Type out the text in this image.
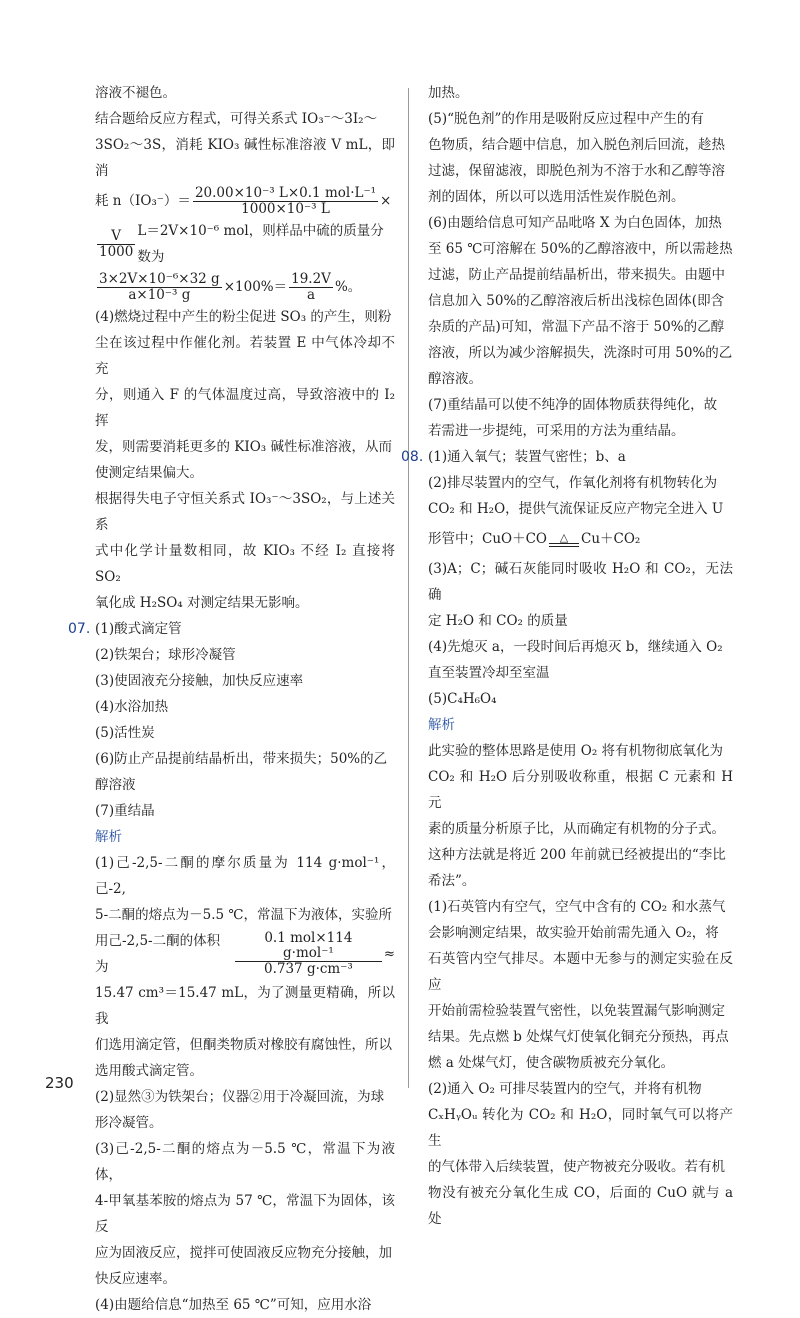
溶液不褪色。

结合题给反应方程式，可得关系式 IO₃⁻～3I₂～

3SO₂～3S，消耗 KIO₃ 碱性标准溶液 V mL，即消

耗 $n(IO_3^-)= \frac{\text{20.00×10⁻³ L×0.1 mol·L⁻¹}}{\text{1000×10⁻³ L}}$ ×
$\frac{V}{1000} L=2V\times 10^{-6}$ mol，则样品中硫的质量分数为
$\frac{\text{3×2V×10⁻⁶×32 g}}{\text{a×10⁻³ g}} \times 100\%= \frac{19.2V}{a}$ %。

(4)燃烧过程中产生的粉尘促进 SO₃ 的产生，则粉

尘在该过程中作催化剂。若装置 E 中气体冷却不充

分，则通入 F 的气体温度过高，导致溶液中的 I₂ 挥

发，则需要消耗更多的 KIO₃ 碱性标准溶液，从而

使测定结果偏大。

根据得失电子守恒关系式 IO₃⁻～3SO₂，与上述关系

式中化学计量数相同，故 KIO₃ 不经 I₂ 直接将 SO₂

氧化成 H₂SO₄ 对测定结果无影响。

07. (1)酸式滴定管

(2)铁架台；球形冷凝管

(3)使固液充分接触，加快反应速率

(4)水浴加热

(5)活性炭

(6)防止产品提前结晶析出，带来损失；50%的乙

醇溶液

(7)重结晶

解析

(1)己-2,5-二酮的摩尔质量为 114 g·mol⁻¹，己-2,

5-二酮的熔点为－5.5 ℃，常温下为液体，实验所

用己-2,5-二酮的体积为	$\frac{\text{0.1 mol×114 g·mol⁻¹}}{\text{0.737 g·cm⁻³}}$ ≈

15.47 cm³＝15.47 mL，为了测量更精确，所以我

们选用滴定管，但酮类物质对橡胶有腐蚀性，所以

选用酸式滴定管。

(2)显然③为铁架台；仪器②用于冷凝回流，为球

形冷凝管。

(3)己-2,5-二酮的熔点为－5.5 ℃，常温下为液体，

4-甲氧基苯胺的熔点为 57 ℃，常温下为固体，该反

应为固液反应，搅拌可使固液反应物充分接触，加

快反应速率。

(4)由题给信息“加热至 65 ℃”可知，应用水浴

加热。

(5)“脱色剂”的作用是吸附反应过程中产生的有

色物质，结合题中信息，加入脱色剂后回流，趁热

过滤，保留滤液，即脱色剂为不溶于水和乙醇等溶

剂的固体，所以可以选用活性炭作脱色剂。

(6)由题给信息可知产品吡咯 X 为白色固体，加热

至 65 ℃可溶解在 50%的乙醇溶液中，所以需趁热

过滤，防止产品提前结晶析出，带来损失。由题中

信息加入 50%的乙醇溶液后析出浅棕色固体(即含

杂质的产品)可知，常温下产品不溶于 50%的乙醇

溶液，所以为减少溶解损失，洗涤时可用 50%的乙

醇溶液。

(7)重结晶可以使不纯净的固体物质获得纯化，故

若需进一步提纯，可采用的方法为重结晶。

08. (1)通入氧气；装置气密性；b、a

(2)排尽装置内的空气，作氧化剂将有机物转化为

CO₂ 和 H₂O，提供气流保证反应产物完全进入 U

形管中；CuO＋CO	△ Cu＋CO₂

(3)A；C；碱石灰能同时吸收 H₂O 和 CO₂，无法确

定 H₂O 和 CO₂ 的质量

(4)先熄灭 a，一段时间后再熄灭 b，继续通入 O₂

直至装置冷却至室温

(5)C₄H₆O₄

解析

此实验的整体思路是使用 O₂ 将有机物彻底氧化为

CO₂ 和 H₂O 后分别吸收称重，根据 C 元素和 H 元

素的质量分析原子比，从而确定有机物的分子式。

这种方法就是将近 200 年前就已经被提出的“李比

希法”。

(1)石英管内有空气，空气中含有的 CO₂ 和水蒸气

会影响测定结果，故实验开始前需先通入 O₂，将

石英管内空气排尽。本题中无参与的测定实验在反应

开始前需检验装置气密性，以免装置漏气影响测定

结果。先点燃 b 处煤气灯使氧化铜充分预热，再点

燃 a 处煤气灯，使含碳物质被充分氧化。

(2)通入 O₂ 可排尽装置内的空气，并将有机物

CₓHᵧOᵤ 转化为 CO₂ 和 H₂O，同时氧气可以将产生

的气体带入后续装置，使产物被充分吸收。若有机

物没有被充分氧化生成 CO，后面的 CuO 就与 a 处

230
